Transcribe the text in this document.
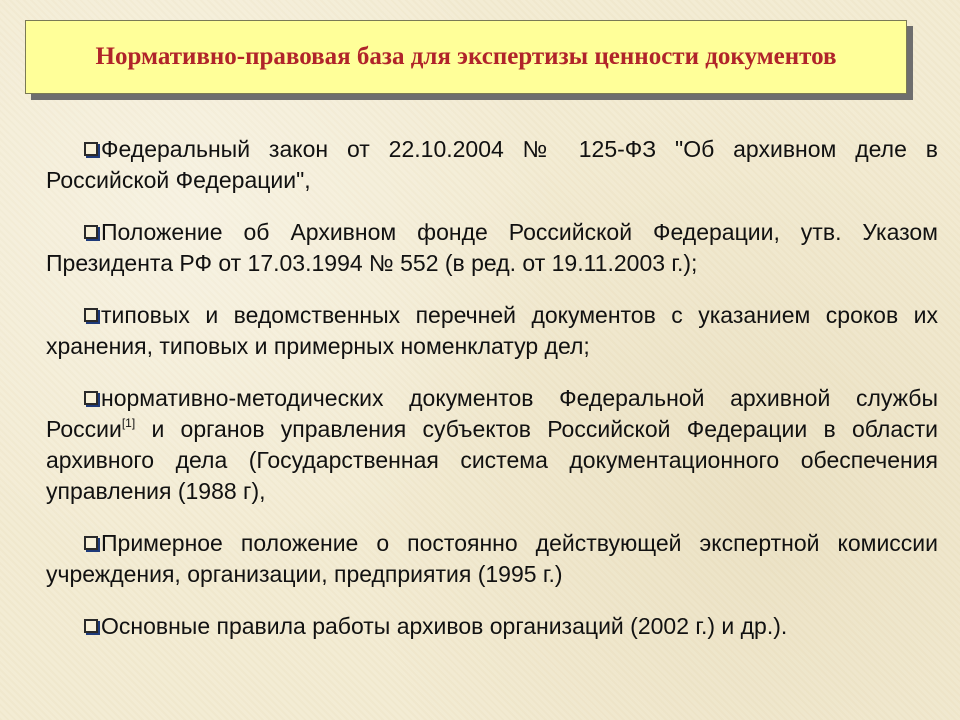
Нормативно-правовая база для экспертизы ценности документов

Федеральный закон от 22.10.2004 № 125-ФЗ "Об архивном деле в Российской Федерации",

Положение об Архивном фонде Российской Федерации, утв. Указом Президента РФ от 17.03.1994 № 552 (в ред. от 19.11.2003 г.);

типовых и ведомственных перечней документов с указанием сроков их хранения, типовых и примерных номенклатур дел;

нормативно-методических документов Федеральной архивной службы России[1] и органов управления субъектов Российской Федерации в области архивного дела (Государственная система документационного обеспечения управления (1988 г),

Примерное положение о постоянно действующей экспертной комиссии учреждения, организации, предприятия (1995 г.)

Основные правила работы архивов организаций (2002 г.) и др.).
